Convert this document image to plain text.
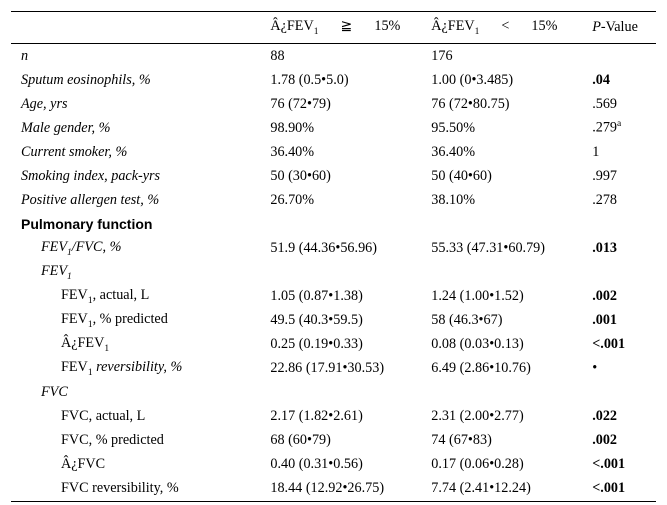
	$Â¿FEV_1$ ≧ 15%	$Â¿FEV_1 < 15\%$	P-Value
n	88	176	
Sputum eosinophils, %	1.78 (0.5•5.0)	1.00 (0•3.485)	.04
Age, yrs	76 (72•79)	76 (72•80.75)	.569
Male gender, %	98.90%	95.50%	.279$^a$
Current smoker, %	36.40%	36.40%	1
Smoking index, pack-yrs	50 (30•60)	50 (40•60)	.997
Positive allergen test, %	26.70%	38.10%	.278
Pulmonary function			
$FEV_1$/FVC, %	51.9 (44.36•56.96)	55.33 (47.31•60.79)	.013
$FEV_1$
$FEV_1$, actual, L	1.05 (0.87•1.38)	1.24 (1.00•1.52)	.002
$FEV_1$, % predicted	49.5 (40.3•59.5)	58 (46.3•67)	.001
$Â¿FEV_1$	0.25 (0.19•0.33)	0.08 (0.03•0.13)	<.001
$FEV_1$ reversibility, %	22.86 (17.91•30.53)	6.49 (2.86•10.76)	•
FVC			
FVC, actual, L	2.17 (1.82•2.61)	2.31 (2.00•2.77)	.022
FVC, % predicted	68 (60•79)	74 (67•83)	.002
Â¿FVC	0.40 (0.31•0.56)	0.17 (0.06•0.28)	<.001
FVC reversibility, %	18.44 (12.92•26.75)	7.74 (2.41•12.24)	<.001
